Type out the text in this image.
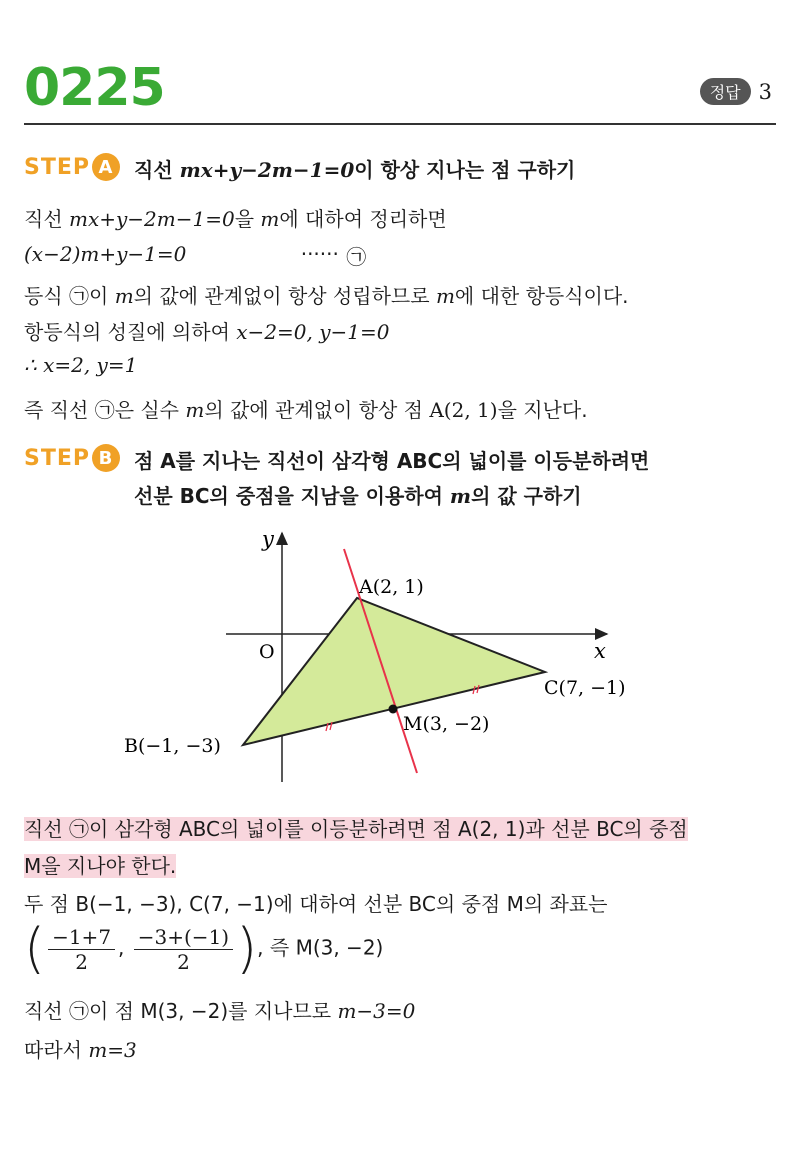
0225	정답 3
STEP A	직선 mx+y−2m−1=0이 항상 지나는 점 구하기
직선 mx+y−2m−1=0을 m에 대하여 정리하면
(x−2)m+y−1=0	······ ㉠
등식 ㉠이 m의 값에 관계없이 항상 성립하므로 m에 대한 항등식이다.
항등식의 성질에 의하여 x−2=0, y−1=0
∴ x=2, y=1
즉 직선 ㉠은 실수 m의 값에 관계없이 항상 점 A(2, 1)을 지난다.
STEP B	점 A를 지나는 직선이 삼각형 ABC의 넓이를 이등분하려면
선분 BC의 중점을 지남을 이용하여 m의 값 구하기
y
x
O
A(2, 1)
B(−1, −3)
C(7, −1)
M(3, −2)
직선 ㉠이 삼각형 ABC의 넓이를 이등분하려면 점 A(2, 1)과 선분 BC의 중점
M을 지나야 한다.
두 점 B(−1, −3), C(7, −1)에 대하여 선분 BC의 중점 M의 좌표는
( $\frac{-1+7}{2}$ , $\frac{-3+(-1)}{2}$ ), 즉 M(3, −2)
직선 ㉠이 점 M(3, −2)를 지나므로 m−3=0
따라서 m=3
